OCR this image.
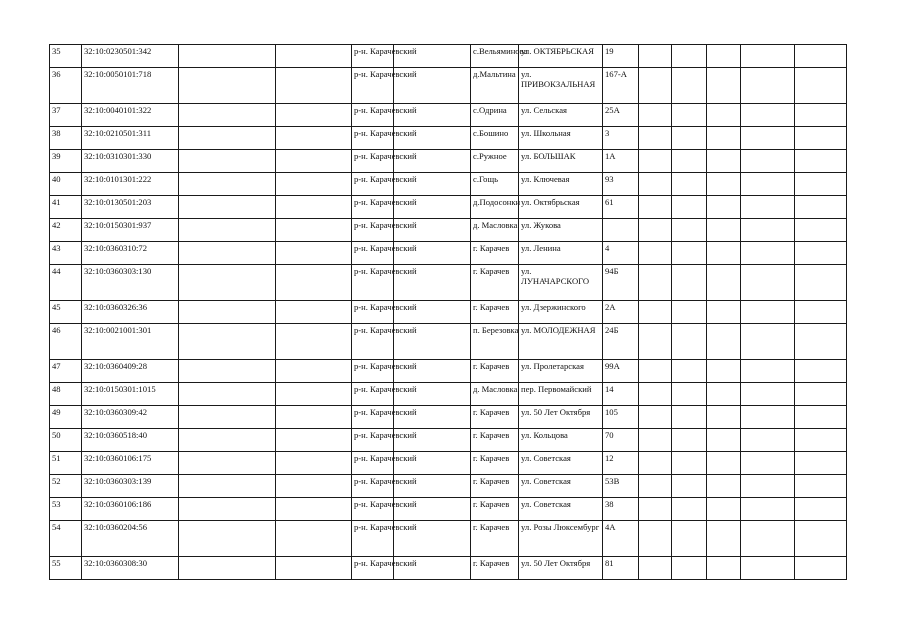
35	32:10:0230501:342			р-н. Карачевский		с.Вельяминова	ул. ОКТЯБРЬСКАЯ	19					
36	32:10:0050101:718			р-н. Карачевский		д.Мальтина	ул. ПРИВОКЗАЛЬНАЯ	167-А					
37	32:10:0040101:322			р-н. Карачевский		с.Одрина	ул. Сельская	25А					
38	32:10:0210501:311			р-н. Карачевский		с.Бошино	ул. Школьная	3					
39	32:10:0310301:330			р-н. Карачевский		с.Ружное	ул. БОЛЬШАК	1А					
40	32:10:0101301:222			р-н. Карачевский		с.Гощь	ул. Ключевая	93					
41	32:10:0130501:203			р-н. Карачевский		д.Подосонки	ул. Октябрьская	61					
42	32:10:0150301:937			р-н. Карачевский		д. Масловка	ул. Жукова						
43	32:10:0360310:72			р-н. Карачевский		г. Карачев	ул. Ленина	4					
44	32:10:0360303:130			р-н. Карачевский		г. Карачев	ул. ЛУНАЧАРСКОГО	94Б					
45	32:10:0360326:36			р-н. Карачевский		г. Карачев	ул. Дзержинского	2А					
46	32:10:0021001:301			р-н. Карачевский		п. Березовка	ул. МОЛОДЕЖНАЯ	24Б					
47	32:10:0360409:28			р-н. Карачевский		г. Карачев	ул. Пролетарская	99А					
48	32:10:0150301:1015			р-н. Карачевский		д. Масловка	пер. Первомайский	14					
49	32:10:0360309:42			р-н. Карачевский		г. Карачев	ул. 50 Лет Октября	105					
50	32:10:0360518:40			р-н. Карачевский		г. Карачев	ул. Кольцова	70					
51	32:10:0360106:175			р-н. Карачевский		г. Карачев	ул. Советская	12					
52	32:10:0360303:139			р-н. Карачевский		г. Карачев	ул. Советская	53В					
53	32:10:0360106:186			р-н. Карачевский		г. Карачев	ул. Советская	38					
54	32:10:0360204:56			р-н. Карачевский		г. Карачев	ул. Розы Люксембург	4А					
55	32:10:0360308:30			р-н. Карачевский		г. Карачев	ул. 50 Лет Октября	81					
